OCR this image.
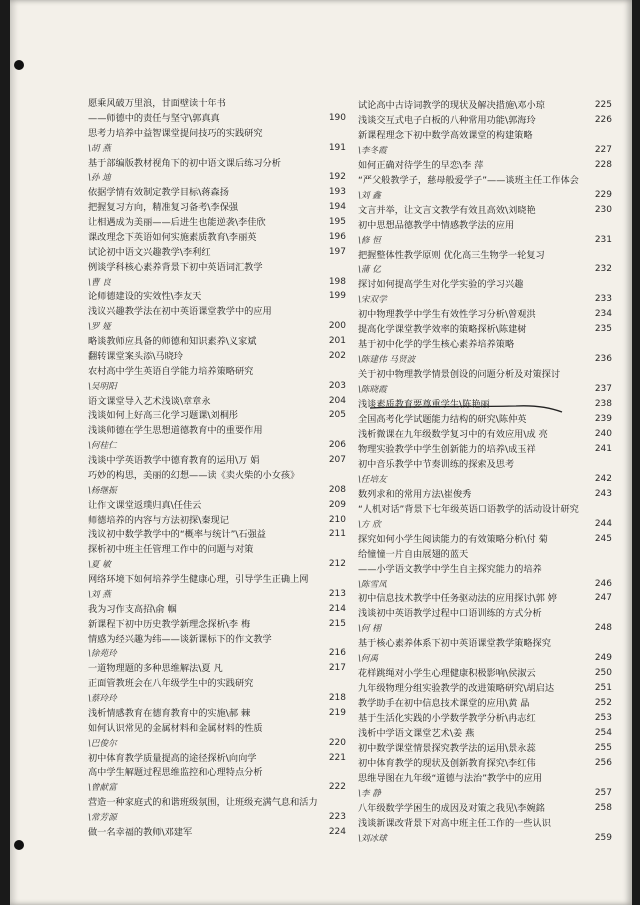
愿乘风破万里浪，甘面壁读十年书
——师德中的责任与坚守\郭真真	190
思考力培养中益智课堂提问技巧的实践研究
\胡 燕	191
基于部编版教材视角下的初中语文课后练习分析
\孙 迪	192
依据学情有效制定教学目标\蒋森扬	193
把握复习方向，精准复习备考\李保强	194
让相遇成为美丽——后进生也能逆袭\李佳欣	195
课改理念下英语如何实施素质教育\李丽英	196
试论初中语文兴趣教学\李利红	197
例谈学科核心素养背景下初中英语词汇教学
\曹 良	198
论师德建设的实效性\李友天	199
浅议兴趣教学法在初中英语课堂教学中的应用
\罗 娅	200
略谈教师应具备的师德和知识素养\义家斌	201
翻转课堂案头添\马晓玲	202
农村高中学生英语自学能力培养策略研究
\吴明阳	203
语文课堂导入艺术浅谈\章章永	204
浅谈如何上好高三化学习题课\刘桐彤	205
浅谈师德在学生思想道德教育中的重要作用
\何桂仁	206
浅谈中学英语教学中德育教育的运用\万 娟	207
巧妙的构思，美丽的幻想——读《卖火柴的小女孩》
\杨继振	208
让作文课堂返璞归真\任佳云	209
师德培养的内容与方法初探\秦现记	210
浅议初中数学教学中的“概率与统计”\石强益	211
探析初中班主任管理工作中的问题与对策
\夏 敏	212
网络环境下如何培养学生健康心理，引导学生正确上网
\刘 燕	213
我为习作支高招\俞 帼	214
新课程下初中历史教学新理念探析\李 梅	215
情感为经兴趣为纬——谈新课标下的作文教学
\徐苑玲	216
一道物理题的多种思维解法\夏 凡	217
正面管教班会在八年级学生中的实践研究
\蔡玲玲	218
浅析情感教育在德育教育中的实施\郝 棘	219
如何认识常见的金属材料和金属材料的性质
\巴俊尔	220
初中体育教学质量提高的途径探析\向向学	221
高中学生解题过程思维监控和心理特点分析
\曾献富	222
营造一种家庭式的和谐班级氛围，让班级充满气息和活力
\常芳源	223
做一名幸福的教师\邓建军	224
试论高中古诗词教学的现状及解决措施\邓小琼	225
浅谈交互式电子白板的八种常用功能\郭海玲	226
新课程理念下初中数学高效课堂的构建策略
\李冬霞	227
如何正确对待学生的早恋\李 萍	228
“严父般教学子，慈母般爱学子”——谈班主任工作体会
\刘 鑫	229
文言并举，让文言文教学有效且高效\刘晓艳	230
初中思想品德教学中情感教学法的应用
\修 恒	231
把握整体性教学原则 优化高三生物学一轮复习
\蒲 亿	232
探讨如何提高学生对化学实验的学习兴趣
\宋双学	233
初中物理教学中学生有效性学习分析\曾观洪	234
提高化学课堂教学效率的策略探析\陈建树	235
基于初中化学的学生核心素养培养策略
\陈建伟 马贤波	236
关于初中物理教学情景创设的问题分析及对策探讨
\陈晓霞	237
浅谈素质教育要尊重学生\陈艳丽	238
全国高考化学试题能力结构的研究\陈仲英	239
浅析微课在九年级数学复习中的有效应用\成 亮	240
物理实验教学中学生创新能力的培养\成玉祥	241
初中音乐教学中节奏训练的探索及思考
\任培友	242
数列求和的常用方法\崔俊秀	243
“人机对话”背景下七年级英语口语教学的活动设计研究
\方 欣	244
探究如何小学生阅读能力的有效策略分析\付 菊	245
给憧憧一片自由展翅的蓝天
——小学语文教学中学生自主探究能力的培养
\陈雪凤	246
初中信息技术教学中任务驱动法的应用探讨\郭 婷	247
浅谈初中英语教学过程中口语训练的方式分析
\何 栩	248
基于核心素养体系下初中英语课堂教学策略探究
\何禹	249
花样跳绳对小学生心理健康积极影响\侯淑云	250
九年级物理分组实验教学的改进策略研究\胡启达	251
教学助手在初中信息技术课堂的应用\黄 晶	252
基于生活化实践的小学数学教学分析\冉志红	253
浅析中学语文课堂艺术\姜 燕	254
初中数学课堂情景探究教学法的运用\景永蕊	255
初中体育教学的现状及创新教育探究\李红伟	256
思维导图在九年级“道德与法治”教学中的应用
\李 静	257
八年级数学学困生的成因及对策之我见\李婉銘	258
浅谈新课改背景下对高中班主任工作的一些认识
\刘冰球	259
